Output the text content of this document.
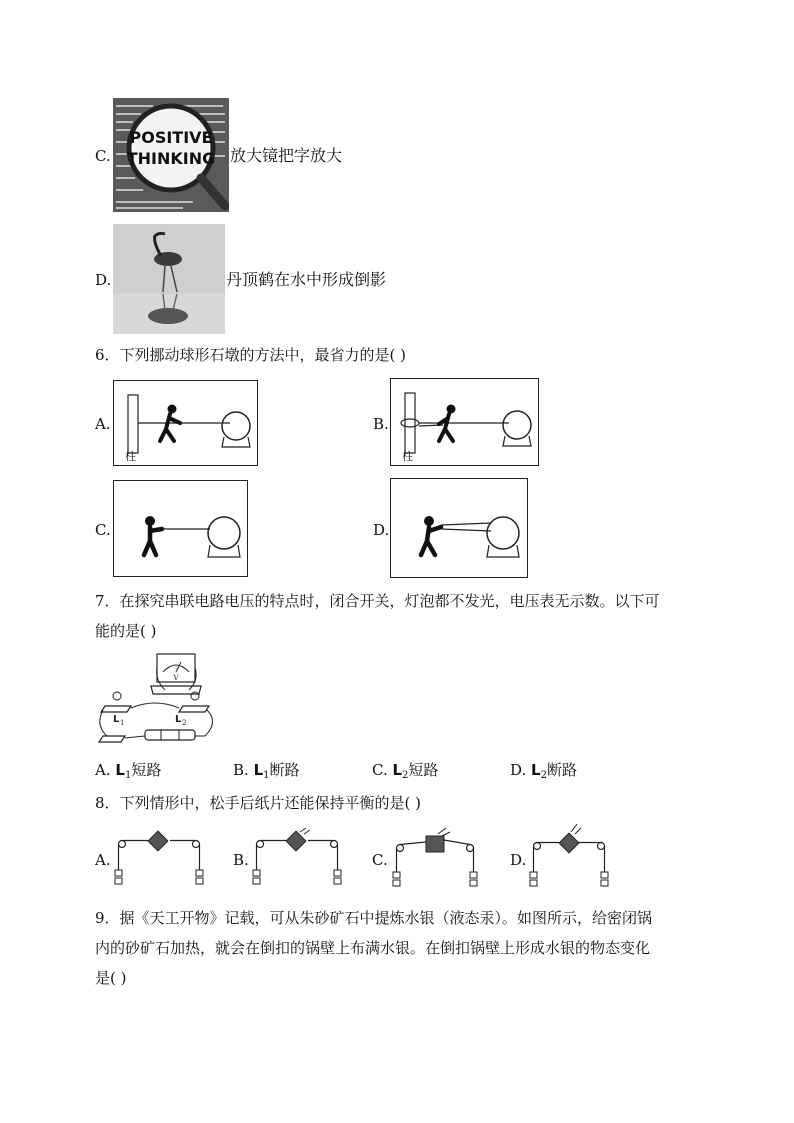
C.
POSITIVE
THINKING 放大镜把字放大
D.	丹顶鹤在水中形成倒影
6．下列挪动球形石墩的方法中，最省力的是( )
A.
柱
B.
柱
C.	D.
7．在探究串联电路电压的特点时，闭合开关，灯泡都不发光，电压表无示数。以下可
能的是( )
V
L 1	L 2
A. $L_1$短路	B. $L_1$断路	C. $L_2$短路	D. $L_2$断路
8．下列情形中，松手后纸片还能保持平衡的是( )
A.	B.	C.	D.
9．据《天工开物》记载，可从朱砂矿石中提炼水银（液态汞）。如图所示，给密闭锅
内的砂矿石加热，就会在倒扣的锅壁上布满水银。在倒扣锅壁上形成水银的物态变化
是( )
